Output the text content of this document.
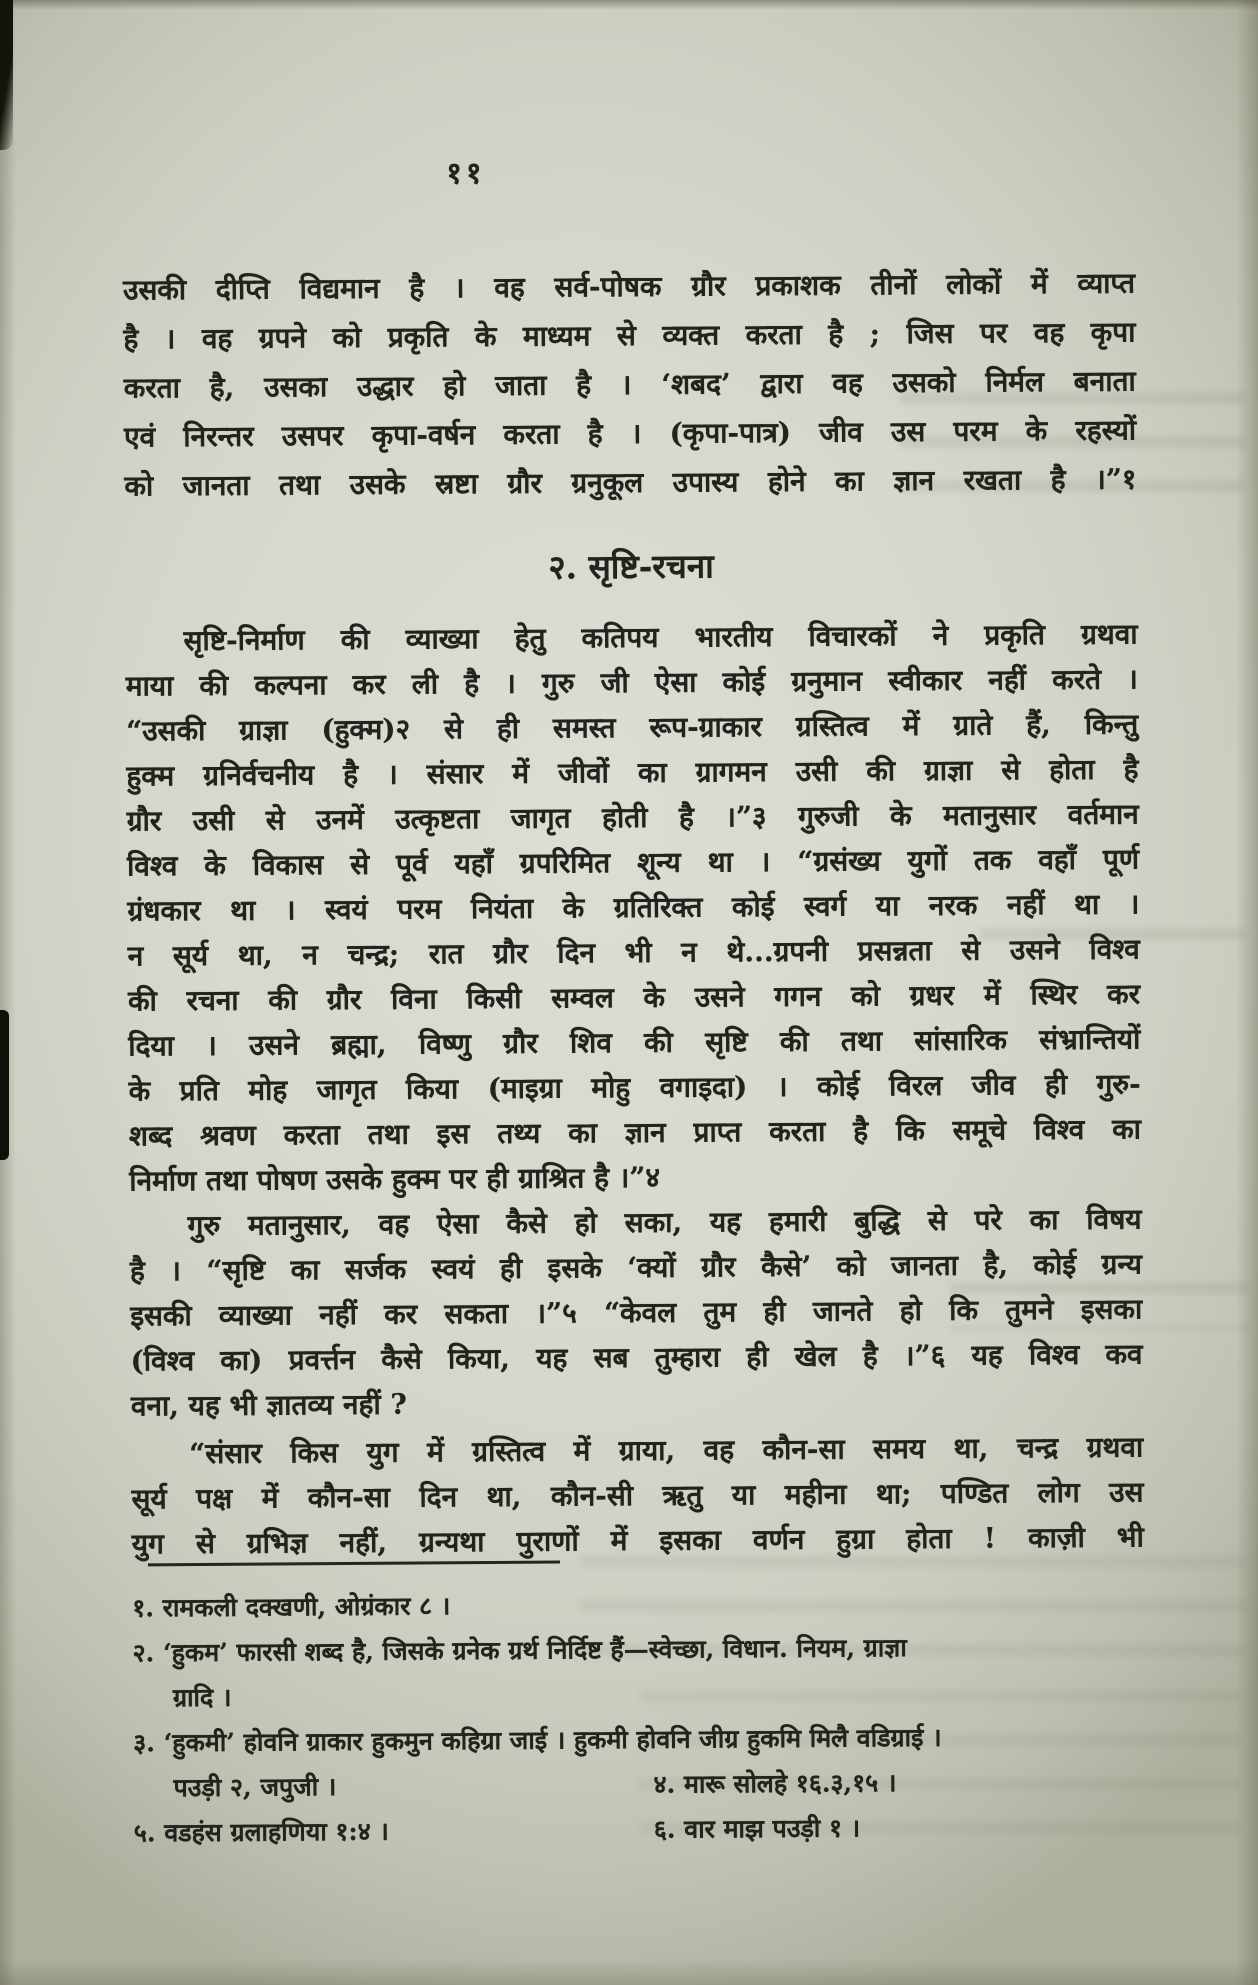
११
उसकी दीप्ति विद्यमान है । वह सर्व-पोषक ग्रौर प्रकाशक तीनों लोकों में व्याप्त
है । वह ग्रपने को प्रकृति के माध्यम से व्यक्त करता है ; जिस पर वह कृपा
करता है, उसका उद्धार हो जाता है । ‘शबद’ द्वारा वह उसको निर्मल बनाता
एवं निरन्तर उसपर कृपा-वर्षन करता है । (कृपा-पात्र) जीव उस परम के रहस्यों
को जानता तथा उसके स्रष्टा ग्रौर ग्रनुकूल उपास्य होने का ज्ञान रखता है ।”१
२. सृष्टि-रचना
सृष्टि-निर्माण की व्याख्या हेतु कतिपय भारतीय विचारकों ने प्रकृति ग्रथवा
माया की कल्पना कर ली है । गुरु जी ऐसा कोई ग्रनुमान स्वीकार नहीं करते ।
“उसकी ग्राज्ञा (हुक्म)२ से ही समस्त रूप-ग्राकार ग्रस्तित्व में ग्राते हैं, किन्तु
हुक्म ग्रनिर्वचनीय है । संसार में जीवों का ग्रागमन उसी की ग्राज्ञा से होता है
ग्रौर उसी से उनमें उत्कृष्टता जागृत होती है ।”३ गुरुजी के मतानुसार वर्तमान
विश्व के विकास से पूर्व यहाँ ग्रपरिमित शून्य था । “ग्रसंख्य युगों तक वहाँ पूर्ण
ग्रंधकार था । स्वयं परम नियंता के ग्रतिरिक्त कोई स्वर्ग या नरक नहीं था ।
न सूर्य था, न चन्द्र; रात ग्रौर दिन भी न थे...ग्रपनी प्रसन्नता से उसने विश्व
की रचना की ग्रौर विना किसी सम्वल के उसने गगन को ग्रधर में स्थिर कर
दिया । उसने ब्रह्मा, विष्णु ग्रौर शिव की सृष्टि की तथा सांसारिक संभ्रान्तियों
के प्रति मोह जागृत किया (माइग्रा मोहु वगाइदा) । कोई विरल जीव ही गुरु-
शब्द श्रवण करता तथा इस तथ्य का ज्ञान प्राप्त करता है कि समूचे विश्व का
निर्माण तथा पोषण उसके हुक्म पर ही ग्राश्रित है ।”४
गुरु मतानुसार, वह ऐसा कैसे हो सका, यह हमारी बुद्धि से परे का विषय
है । “सृष्टि का सर्जक स्वयं ही इसके ‘क्यों ग्रौर कैसे’ को जानता है, कोई ग्रन्य
इसकी व्याख्या नहीं कर सकता ।”५ “केवल तुम ही जानते हो कि तुमने इसका
(विश्व का) प्रवर्त्तन कैसे किया, यह सब तुम्हारा ही खेल है ।”६ यह विश्व कव
वना, यह भी ज्ञातव्य नहीं ?
“संसार किस युग में ग्रस्तित्व में ग्राया, वह कौन-सा समय था, चन्द्र ग्रथवा
सूर्य पक्ष में कौन-सा दिन था, कौन-सी ऋतु या महीना था; पण्डित लोग उस
युग से ग्रभिज्ञ नहीं, ग्रन्यथा पुराणों में इसका वर्णन हुग्रा होता ! काज़ी भी
१. रामकली दक्खणी, ओग्रंकार ८ ।
२. ‘हुकम’ फारसी शब्द है, जिसके ग्रनेक ग्रर्थ निर्दिष्ट हैं—स्वेच्छा, विधान. नियम, ग्राज्ञा
ग्रादि ।
३. ‘हुकमी’ होवनि ग्राकार हुकमुन कहिग्रा जाई । हुकमी होवनि जीग्र हुकमि मिलै वडिग्राई ।
पउड़ी २, जपुजी ।	४. मारू सोलहे १६.३,१५ ।
५. वडहंस ग्रलाहणिया १:४ ।	६. वार माझ पउड़ी १ ।
